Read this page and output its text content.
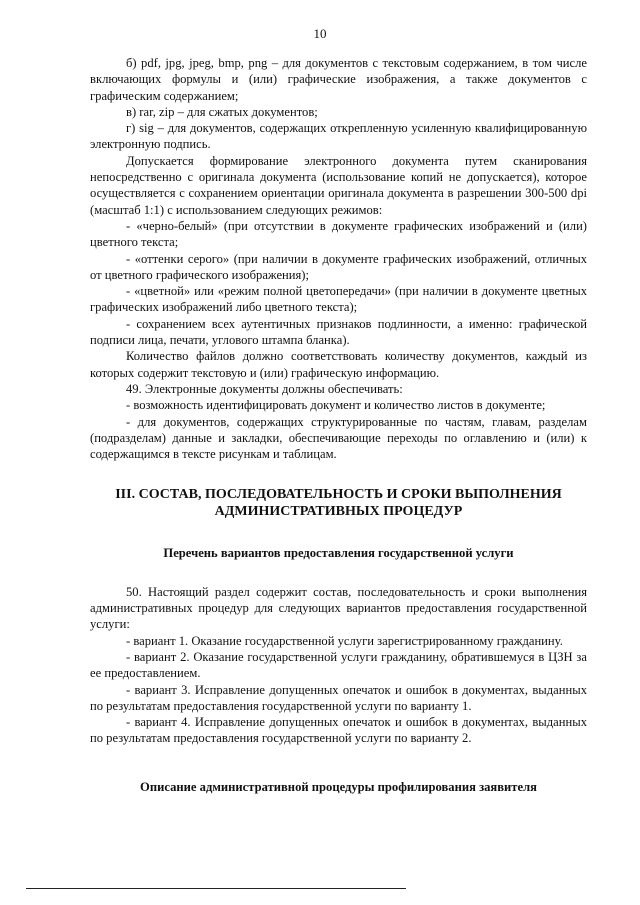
10

б) pdf, jpg, jpeg, bmp, png – для документов с текстовым содержанием, в том числе включающих формулы и (или) графические изображения, а также документов с графическим содержанием;

в) rar, zip – для сжатых документов;

г) sig – для документов, содержащих открепленную усиленную квалифицированную электронную подпись.

Допускается формирование электронного документа путем сканирования непосредственно с оригинала документа (использование копий не допускается), которое осуществляется с сохранением ориентации оригинала документа в разрешении 300-500 dpi (масштаб 1:1) с использованием следующих режимов:

- «черно-белый» (при отсутствии в документе графических изображений и (или) цветного текста;

- «оттенки серого» (при наличии в документе графических изображений, отличных от цветного графического изображения);

- «цветной» или «режим полной цветопередачи» (при наличии в документе цветных графических изображений либо цветного текста);

- сохранением всех аутентичных признаков подлинности, а именно: графической подписи лица, печати, углового штампа бланка).

Количество файлов должно соответствовать количеству документов, каждый из которых содержит текстовую и (или) графическую информацию.

49. Электронные документы должны обеспечивать:

- возможность идентифицировать документ и количество листов в документе;

- для документов, содержащих структурированные по частям, главам, разделам (подразделам) данные и закладки, обеспечивающие переходы по оглавлению и (или) к содержащимся в тексте рисункам и таблицам.

III. СОСТАВ, ПОСЛЕДОВАТЕЛЬНОСТЬ И СРОКИ ВЫПОЛНЕНИЯ
АДМИНИСТРАТИВНЫХ ПРОЦЕДУР
Перечень вариантов предоставления государственной услуги

50. Настоящий раздел содержит состав, последовательность и сроки выполнения административных процедур для следующих вариантов предоставления государственной услуги:

- вариант 1. Оказание государственной услуги зарегистрированному гражданину.

- вариант 2. Оказание государственной услуги гражданину, обратившемуся в ЦЗН за ее предоставлением.

- вариант 3. Исправление допущенных опечаток и ошибок в документах, выданных по результатам предоставления государственной услуги по варианту 1.

- вариант 4. Исправление допущенных опечаток и ошибок в документах, выданных по результатам предоставления государственной услуги по варианту 2.

Описание административной процедуры профилирования заявителя
